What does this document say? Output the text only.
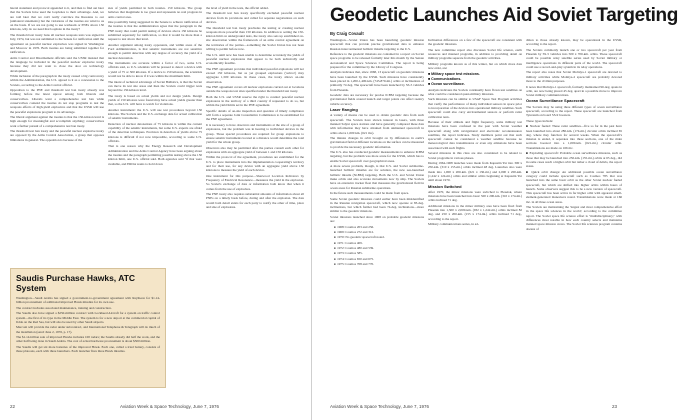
lateral statement and protocol appended to it, and then to find out later that the Soviets have used the loopholes to their advantage. And, we are told later that we can't really convince the Russians to our (unilateral statements) but the violations of the treaties are wind to us on the basis. If we are not going to use warheads or PNEs above 150 kilotons, why do we need that loophole in the treaty?

The threshold test treaty bans all nuclear weapons tests was signed in July, 1974, but was not submitted to the Senate for ratification until the agreement on peaceful nuclear explosives was signed in Washington and Moscow in 1976. Both treaties are being submitted together for ratification.

Arms Control and Disarmament officials said the USSR insisted that the language be included in the peaceful nuclear explosive treaty because they did not want to close the door on technology development.

While inclusion of the paragraph in the treaty caused a big controversy within the Administration, the U.S. agreed to it as a concession to the Soviets, according to the Arms Control official.

Opposition to the PNE and threshold test ban treaty already was forming before the latest uproar among both liberals and conservatives. Liberals want a comprehensive test ban while conservatives contend the treaties do not stop programs to test the weapons effects of high-yield explosives and that the USSR will use the peaceful explosions program to its advantage.

The liberal argument against the treaties is that the 150-kiloton level is high enough for meaningful and accomplish anything; conservatives want a further pursuit of a comprehensive test ban treaty.

The threshold test ban treaty and the peaceful nuclear explosive treaty are opposed by the Arms Control Association, a group that opposes limitations in general. The opposition is because of the

size of yields permitted in both treaties. 150 kilotons. The group believes that magnitude is too great and represents no real progress in arms control area.

One possibility being suggested in the Senate to achieve ratification of the treaties is that the Administration agree that the paragraph in the PNE treaty that could permit testing of devices above 150 kilotons be submitted separately for ratification, so that it would be more than a request to test above that level.

Another argument among treaty opponents, and within areas of the Ford Administration, is that seismic instruments are not sensitive enough to permit detection with any degree of accuracy the yield of a nuclear detonation.

The instruments are accurate within a factor of two, some U.S. officials said, so U.S. scientists will be pressed to detect a device with a yield of 75 or 300 kilotons. If a device is 150 kilotons, the scientists would not be able to know if it was within the maximum limit.

The intent of technical advantage of Soviet Ballistics, is that the Soviet can move its test site areas and then the Soviets could trigger tests beyond the 150-kiloton level.

The treaty is based on actual yields and not design yields. Design yields of 150 kilotons were found may have actual yields greater than that, so the U.S. will have to watch for violations.

Another instrument: the U.S. will use test procedures beyond 150 kilotons. The Soviets and the U.S. exchange data for actual calibration of seismic instruments.

Detection of nuclear detonations of 75 kilotons is within the current capability of the seismic instruments, but some U.S. experts are afraid of the detection techniques. Precision in detection of yields above 75 kilotons is difficult if not now impossible, according to some U.S. officials.

That is one reason why the Energy Research and Development Administration and the Arms Control Agency have been arguing about the treaties and the paragraph permitting possible testing above the 150 kiloton limit, one U.S. official said. Both agencies said "if that were available, and ERDA wants to hold down

the level of yield in the tests, the official added.

The threshold test ban treaty specifically excluded peaceful nuclear devices from its provisions and called for separate negotiations on such devices.

The threshold test ban treaty precludes the testing or creating nuclear weapons more powerful than 150 kilotons. In addition to setting the 150-kiloton limit on underground tests, the treaty also sets up established on-site observation within the framework of an arms control agreement on the territories of the parties—something the Soviet Union has not been willing to permit before now.

The U.S. until now has been unable to determine accurately the yields of peaceful nuclear explosions that appear to be both technically and economically feasible.

The PNE agreement provides that individual peaceful explosions will not exceed 150 kilotons, but as yet grouped explosions ('salvos') may aggregate 1,500 kilotons. In these cases, the treaty allows on-site observation.

The PNE agreement covers all nuclear explosions carried out at locations outside the weapons test sites specified under the threshold test treaty.

Both the U.S. and USSR reserve the right to conduct peaceful nuclear explosions in the territory of a third country if requested to do so, but within the yield limits set in the PNE agreement.

Specific details of on-site inspection and question of timely compliance will form a separate Joint Consultative Commission to be established for the PNE agreement.

It is necessary to have observers and instruments at the site of a group of explosions, but the problem was in hearing to individual devices in the group. Those special procedures are required for group explosions to ensure seismic instruments located at a distance would determine the total yield for the whole group.

Observers also may be permitted after the parties consult each other for explosions with an aggregate yield of between 1 and 150 kilotons.

Within the protocol of the agreement, procedures are established for the U.S. to place instruments into the implementation cooperating's territory and for their use, for any device with an aggregate yield above 150 kilotons to measure the yield of each device.

One instrument for this purpose—Sherwood Location Indicators by Frequency of Electrical Resonance—measures the yield in the explosion. So Soviet's exchange of data or information both know that when it comes from the use of explosives.

The PNE treaty also requires substantial amounts of information about all PNEs on a timely basis before, during and after the explosion. The data would both detail exists for each party to notify the other of time, place and size of explosions.

Saudis Purchase Hawks, ATC System

Washington—Saudi Arabia has signed a government-to-government agreement with Raytheon for $1.14-billion procurement of additional improved Hawk missiles for its own use.

The contract includes associated maintenance, training and construction.

The Saudis also have signed a $250-million contract with Lockheed Aircraft for a system on traffic control system—the first of its type in the Middle East. The system is for a new airport at the commercial capital of Jidda on the Red Sea, but will also be used by other Saudi airports.

Marconi will provide the radar under subcontract, and International Telephone & Telegraph will do much of the installation (send: June 2, 1976, p. 17).

The $1.14-billion sale of improved Hawks includes 100 radars; the Saudis already did half the work, and the other half being done in Saudi Arabia. The cost of actual hardware procurement is about $500 million.

The Saudis will get six more batteries of the improved Hawk. Each one, called a triad battery, consists of three platoons, each with three launchers. Each launcher fires three Hawk missiles.

22	Aviation Week & Space Technology, June 7, 1976
Geodetic Launches Aid Soviet Targeting
By Craig Covault

Washington—Soviet Union has been launching geodetic mission spacecraft that can provide precise gravitational data to enhance Russian intercontinental ballistic missile targeting to the U.S.

Reference to the geodetic missions are contained in a report on Soviet space programs to be released formally later this month by the Senate Aeronautical and Space Sciences Committee. The report is being prepared for the committee by the Library of Congress.

Analysis indicates that, since 1968, 13 spacecraft on geodetic missions have been launched by the USSR. Such missions have consistently been placed in 1,200-1,400-km. (745-870-mi.) orbits at inclinations of primarily 74 deg. The spacecraft have been launched by SS-5 vehicles from Plesetsk.

Geodetic data are necessary for precise ICBM targeting because the gravitational fields around launch and target points can affect reentry vehicle accuracy.

Laser Ranging

A variety of means can be used to obtain geodetic data from such spacecraft. The Soviets have shown interest in lasers, with three manned Salyut space stations and have generally compared these data with information they have obtained from unmanned spacecraft in orbits above 1,000 km. (621 mi.).

The minute changes in orbit brought on by differences in earth's gravitational field at different locations on the surface can be measured to provide the necessary geodetic information.

The U.S. also has conducted geodetic measurements to enhance ICBM targeting, but the problem was more acute for the USSR, which has to enable Soviet spacecraft over geographical areas.

A more severe problem, though, is that U.S. and Soviet submarine-launched ballistic missiles are for solution, the new sea-launched ballistic missile (SLBM) targeting. Both the U.S. and Soviet Union make orbits and also accurate movements now by ship. The Soviets have an extensive tracker fleet that measures the gravitational field in ocean areas for Russian submarine operations.

In the future such measurements could be made from space.

Some Soviet geodetic missions could earlier have been misidentified in the Russian navigation spacecraft, which now operate at 83-deg. inclinations, but which further had been 74-deg. inclinations—more similar to the geodetic missions.

Soviet missions launched since 1968 on probable geodetic missions are:

■ 1968: Cosmos 203 and 256.
■ 1969: Cosmos 272 and 312.
■ 1970: No geodetic spacecraft noted.
■ 1971: Cosmos 409.
■ 1972: Cosmos 480 and 539.
■ 1973: Cosmos 585.
■ 1974: Cosmos 650 and 675.
■ 1975: Cosmos 708 and 770.

Inclination differences on a few of the spacecraft are consistent with the geodetic missions.

The new committee report also discusses Soviet life science, earth resources and manned programs, in addition to providing detail on military programs separate from the geodetic activities.

Military programs known as of this winter, but on which more data now exist, are:

■ Military space test missions.
■ Communications.
■ Ocean surveillance.

Analysis indicates the Soviets continually have flown test satellites on what could be considered quasi-military missions.

Such missions can be similar to USAF Space Test Program activities that verify the performance of many individual sensors in space prior to incorporation of the devices into operational military satellites. Such spacecraft could also carry environmental sensors or perform radar calibration tests.

Because of their altitude and flight frequency, some military test missions have been confused in the past with Soviet weather spacecraft along with navigational and electronic reconnaissance satellites, the report indicates. Study members point out that such spacecraft cannot be considered a weather satellite because no meteorological data transmissions or even any emissions have been associated with such flights.

Several missions in this class are also considered to be related to Soviet programs in various phases.

During 1964-1968 launches were made from Kapustin Yar into 300 x 250-km. (310 x 155-mi.) orbits inclined 48 deg. Launches also were made into 1,000 x 200-km. (621 x 136-mi.) and 2,000 x 200-km. (1,242 x 124-mi.) orbits and similar orbits beginning at Kapustin Yar until about 1970.

Mission Switched

After 1970, the minor missions were switched to Plesetsk, where missions have been launched into basic 500 x 200-km. (310 x 174-mi.) orbits inclined 71 deg.

Additional missions in the minor military area have been fired from Plesetsk into 1,500 x 2,000-km. (932 x 1,242-mi.) orbits inclined 82 deg. and 250 x 200-km. (155 x 174-mi.) orbits inclined 71 deg., according to the report.

Military communications series, in ad-

dition to those already known, may be operational in the USSR, according to the report.

The Soviets commonly launch one or two spacecraft per year from Plesetsk by SS-5 vehicles into 500 x 700-km. orbits. These spacecraft could be possible relay satellite series used by Soviet military or intelligence operations in different parts of the world. The spacecraft could use a record-and-play system in its relay operations.

The report also notes that Soviet Molniya-1 spacecraft are devoted to military activities while Molniya-2 spacecraft are probably devoted more to the civilian purposes.

It notes that Molniya-1 spacecraft, formerly maintained 90-deg. spans in orbit, are now being placed 45 deg. apart in a possible move to improve Soviet military communications.

Ocean Surveillance Spacecraft

The Soviets may be using three different types of ocean surveillance spacecraft, according to the report. These spacecraft are launched from Tyuratam on board SS-9 boosters.

These types include:

■ Nuclear fueled: These radar satellites—five so far in the past have been launched into about 280-km. (174-mi.) circular orbits inclined 65 deg. where they function for several weeks. When the spacecraft's mission is ended, it separates into three sections, one of the main sections boosted into a 1,000-km. (621-mi.) circular orbit. Transmissions are made on 166 mc.

■ Exploding spacecraft: Probable ocean surveillance missions, such as those that may be launched into 250-km. (155-mi.) orbits at 65 deg., did in some cases reach a higher orbit but rather a cloud of debris, the report states.

■ Quick orbit change: An additional possible ocean surveillance category could include spacecraft such as Cosmos 785 that was launched into the same basic orbit as the other Soviet nuclear fueled spacecraft, but which are shifted into higher orbits within hours of launch. Some observers suggest this to be a new version of spacecraft. This spacecraft has been active in far higher orbit with apparent small-element-generated maneuvers noted. Transmissions were made at 166 mc. in all three ocean areas.

The Soviets are maintaining the 'largest and most comprehensive effort in the space life sciences in the world,' according to the committee report. The Soviet space life science effort is "multidisciplinary," with differences most notable in how each country selects and maintains manned space mission crews. The Soviet life sciences program contains dozens of

Aviation Week & Space Technology, June 7, 1976	23
